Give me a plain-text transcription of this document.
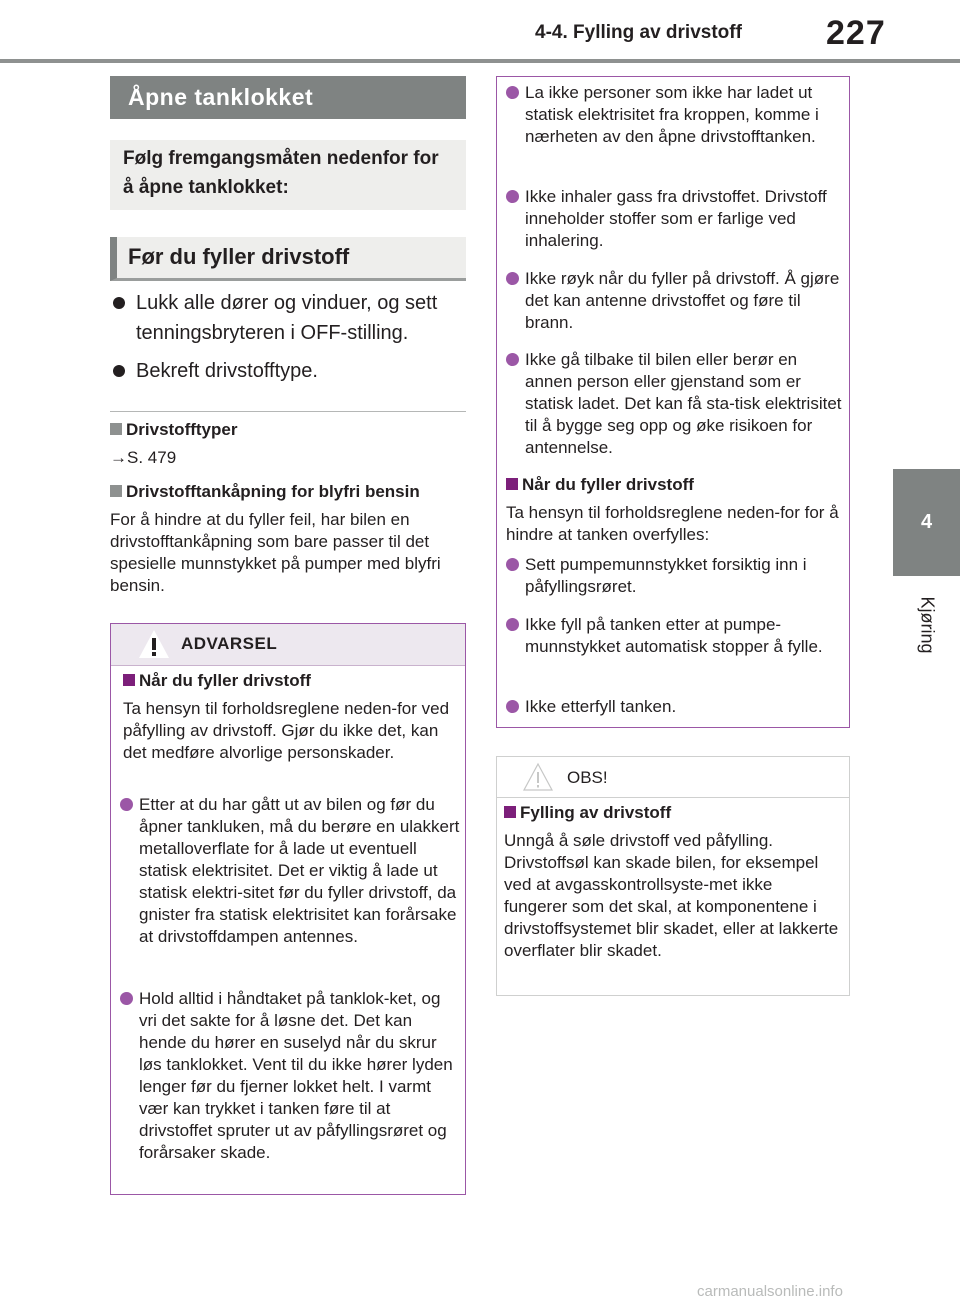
4-4. Fylling av drivstoff 227
4
Kjøring
Åpne tanklokket
Følg fremgangsmåten nedenfor for å åpne tanklokket:
Før du fyller drivstoff
Lukk alle dører og vinduer, og sett tenningsbryteren i OFF-stilling.
Bekreft drivstofftype.
Drivstofftyper
→S. 479
Drivstofftankåpning for blyfri bensin
For å hindre at du fyller feil, har bilen en drivstofftankåpning som bare passer til det spesielle munnstykket på pumper med blyfri bensin.
ADVARSEL
Når du fyller drivstoff
Ta hensyn til forholdsreglene neden-for ved påfylling av drivstoff. Gjør du ikke det, kan det medføre alvorlige personskader.
Etter at du har gått ut av bilen og før du åpner tankluken, må du berøre en ulakkert metalloverflate for å lade ut eventuell statisk elektrisitet. Det er viktig å lade ut statisk elektri-sitet før du fyller drivstoff, da gnister fra statisk elektrisitet kan forårsake at drivstoffdampen antennes.
Hold alltid i håndtaket på tanklok-ket, og vri det sakte for å løsne det. Det kan hende du hører en suselyd når du skrur løs tanklokket. Vent til du ikke hører lyden lenger før du fjerner lokket helt. I varmt vær kan trykket i tanken føre til at drivstoffet spruter ut av påfyllingsrøret og forårsaker skade.
La ikke personer som ikke har ladet ut statisk elektrisitet fra kroppen, komme i nærheten av den åpne drivstofftanken.
Ikke inhaler gass fra drivstoffet. Drivstoff inneholder stoffer som er farlige ved inhalering.
Ikke røyk når du fyller på drivstoff. Å gjøre det kan antenne drivstoffet og føre til brann.
Ikke gå tilbake til bilen eller berør en annen person eller gjenstand som er statisk ladet. Det kan få sta-tisk elektrisitet til å bygge seg opp og øke risikoen for antennelse.
Når du fyller drivstoff
Ta hensyn til forholdsreglene neden-for for å hindre at tanken overfylles:
Sett pumpemunnstykket forsiktig inn i påfyllingsrøret.
Ikke fyll på tanken etter at pumpe-munnstykket automatisk stopper å fylle.
Ikke etterfyll tanken.
OBS!
Fylling av drivstoff
Unngå å søle drivstoff ved påfylling. Drivstoffsøl kan skade bilen, for eksempel ved at avgasskontrollsyste-met ikke fungerer som det skal, at komponentene i drivstoffsystemet blir skadet, eller at lakkerte overflater blir skadet.
carmanualsonline.info
